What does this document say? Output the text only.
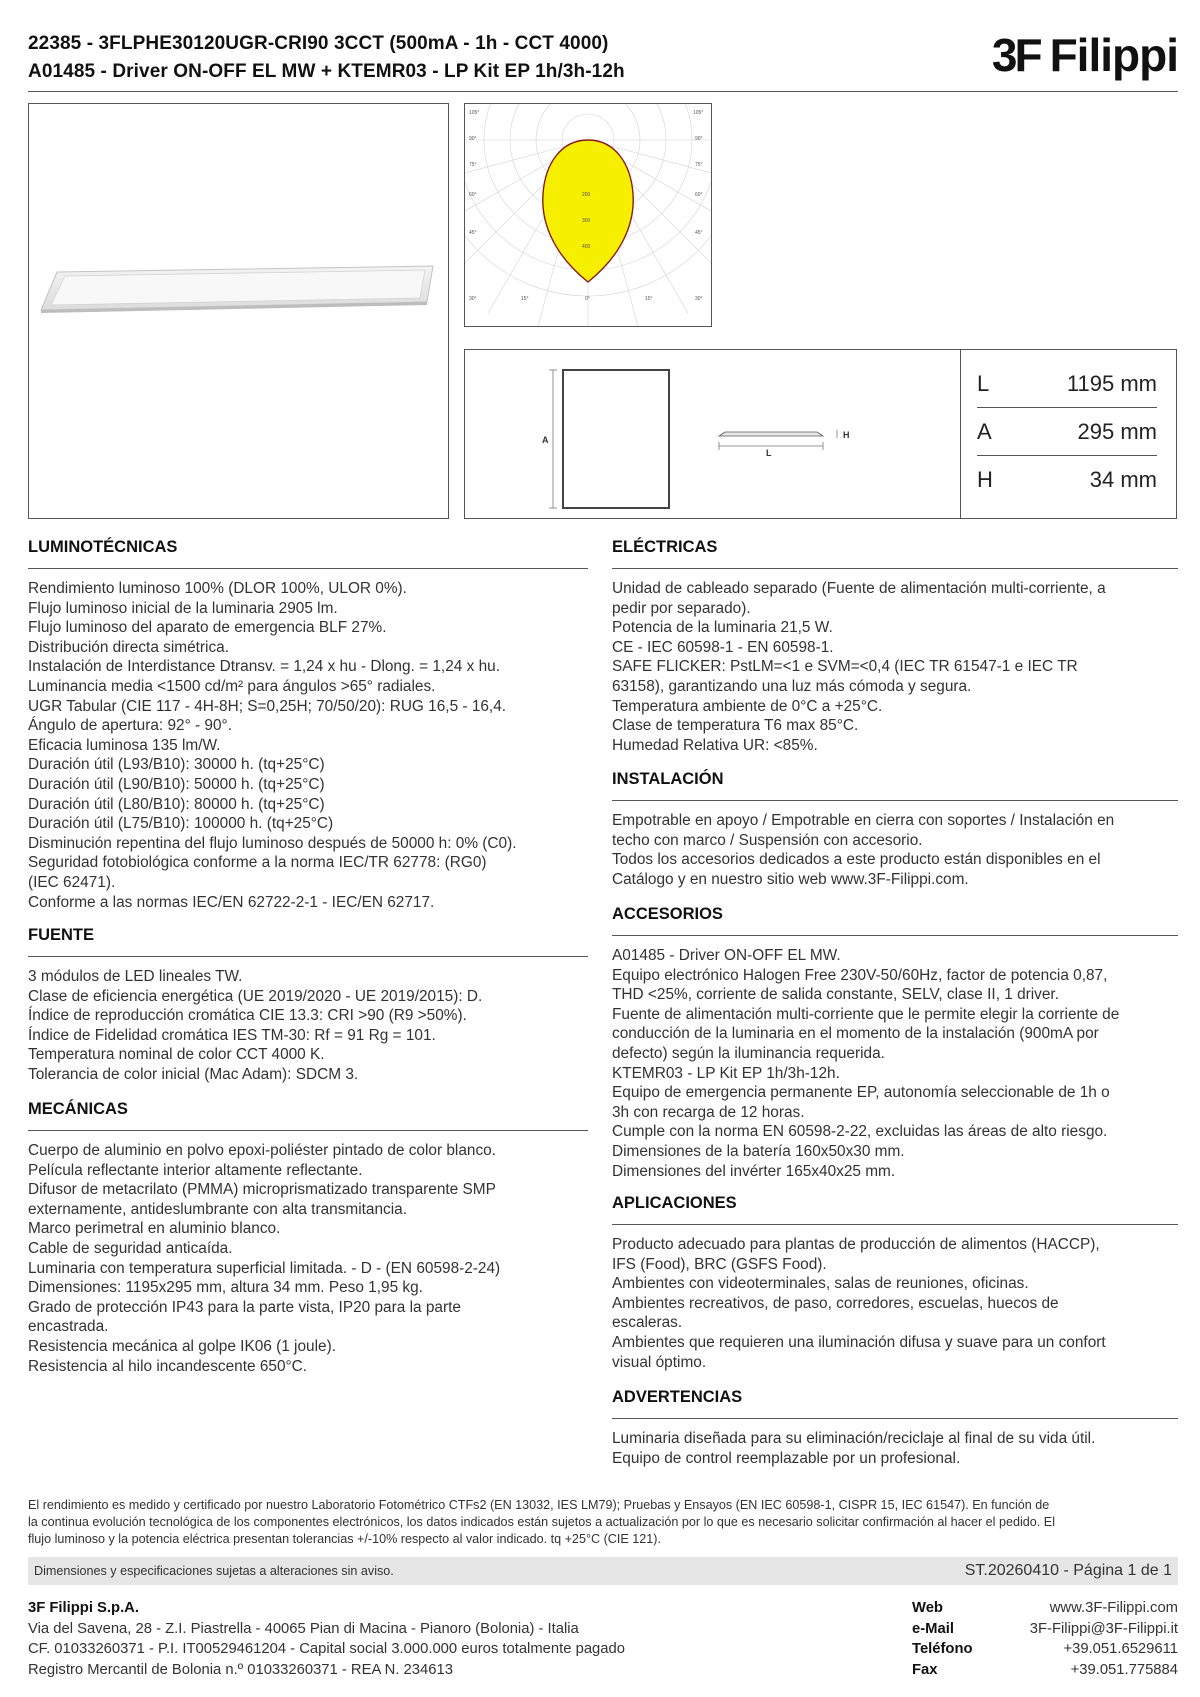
22385 - 3FLPHE30120UGR-CRI90 3CCT (500mA - 1h - CCT 4000)
A01485 - Driver ON-OFF EL MW + KTEMR03 - LP Kit EP 1h/3h-12h	3F Filippi
105°
90°
75°
60°
45°
105°
90°
75°
60°
45°
30°	15°	0°	15°	30°
200
300
400
A
L
H
L	1195 mm
A	295 mm
H	34 mm
LUMINOTÉCNICAS
Rendimiento luminoso 100% (DLOR 100%, ULOR 0%).
Flujo luminoso inicial de la luminaria 2905 lm.
Flujo luminoso del aparato de emergencia BLF 27%.
Distribución directa simétrica.
Instalación de Interdistance Dtransv. = 1,24 x hu - Dlong. = 1,24 x hu.
Luminancia media <1500 cd/m² para ángulos >65° radiales.
UGR Tabular (CIE 117 - 4H-8H; S=0,25H; 70/50/20): RUG 16,5 - 16,4.
Ángulo de apertura: 92° - 90°.
Eficacia luminosa 135 lm/W.
Duración útil (L93/B10): 30000 h. (tq+25°C)
Duración útil (L90/B10): 50000 h. (tq+25°C)
Duración útil (L80/B10): 80000 h. (tq+25°C)
Duración útil (L75/B10): 100000 h. (tq+25°C)
Disminución repentina del flujo luminoso después de 50000 h: 0% (C0).
Seguridad fotobiológica conforme a la norma IEC/TR 62778: (RG0)
(IEC 62471).
Conforme a las normas IEC/EN 62722-2-1 - IEC/EN 62717.
FUENTE
3 módulos de LED lineales TW.
Clase de eficiencia energética (UE 2019/2020 - UE 2019/2015): D.
Índice de reproducción cromática CIE 13.3: CRI >90 (R9 >50%).
Índice de Fidelidad cromática IES TM-30: Rf = 91 Rg = 101.
Temperatura nominal de color CCT 4000 K.
Tolerancia de color inicial (Mac Adam): SDCM 3.
MECÁNICAS
Cuerpo de aluminio en polvo epoxi-poliéster pintado de color blanco.
Película reflectante interior altamente reflectante.
Difusor de metacrilato (PMMA) microprismatizado transparente SMP
externamente, antideslumbrante con alta transmitancia.
Marco perimetral en aluminio blanco.
Cable de seguridad anticaída.
Luminaria con temperatura superficial limitada. - D - (EN 60598-2-24)
Dimensiones: 1195x295 mm, altura 34 mm. Peso 1,95 kg.
Grado de protección IP43 para la parte vista, IP20 para la parte
encastrada.
Resistencia mecánica al golpe IK06 (1 joule).
Resistencia al hilo incandescente 650°C.
ELÉCTRICAS
Unidad de cableado separado (Fuente de alimentación multi-corriente, a
pedir por separado).
Potencia de la luminaria 21,5 W.
CE - IEC 60598-1 - EN 60598-1.
SAFE FLICKER: PstLM=<1 e SVM=<0,4 (IEC TR 61547-1 e IEC TR
63158), garantizando una luz más cómoda y segura.
Temperatura ambiente de 0°C a +25°C.
Clase de temperatura T6 max 85°C.
Humedad Relativa UR: <85%.
INSTALACIÓN
Empotrable en apoyo / Empotrable en cierra con soportes / Instalación en
techo con marco / Suspensión con accesorio.
Todos los accesorios dedicados a este producto están disponibles en el
Catálogo y en nuestro sitio web www.3F-Filippi.com.
ACCESORIOS
A01485 - Driver ON-OFF EL MW.
Equipo electrónico Halogen Free 230V-50/60Hz, factor de potencia 0,87,
THD <25%, corriente de salida constante, SELV, clase II, 1 driver.
Fuente de alimentación multi-corriente que le permite elegir la corriente de
conducción de la luminaria en el momento de la instalación (900mA por
defecto) según la iluminancia requerida.
KTEMR03 - LP Kit EP 1h/3h-12h.
Equipo de emergencia permanente EP, autonomía seleccionable de 1h o
3h con recarga de 12 horas.
Cumple con la norma EN 60598-2-22, excluidas las áreas de alto riesgo.
Dimensiones de la batería 160x50x30 mm.
Dimensiones del invérter 165x40x25 mm.
APLICACIONES
Producto adecuado para plantas de producción de alimentos (HACCP),
IFS (Food), BRC (GSFS Food).
Ambientes con videoterminales, salas de reuniones, oficinas.
Ambientes recreativos, de paso, corredores, escuelas, huecos de
escaleras.
Ambientes que requieren una iluminación difusa y suave para un confort
visual óptimo.
ADVERTENCIAS
Luminaria diseñada para su eliminación/reciclaje al final de su vida útil.
Equipo de control reemplazable por un profesional.
El rendimiento es medido y certificado por nuestro Laboratorio Fotométrico CTFs2 (EN 13032, IES LM79); Pruebas y Ensayos (EN IEC 60598-1, CISPR 15, IEC 61547). En función de
la continua evolución tecnológica de los componentes electrónicos, los datos indicados están sujetos a actualización por lo que es necesario solicitar confirmación al hacer el pedido. El
flujo luminoso y la potencia eléctrica presentan tolerancias +/-10% respecto al valor indicado. tq +25°C (CIE 121).
Dimensiones y especificaciones sujetas a alteraciones sin aviso.	ST.20260410 - Página 1 de 1
3F Filippi S.p.A.
Via del Savena, 28 - Z.I. Piastrella - 40065 Pian di Macina - Pianoro (Bolonia) - Italia
CF. 01033260371 - P.I. IT00529461204 - Capital social 3.000.000 euros totalmente pagado
Registro Mercantil de Bolonia n.º 01033260371 - REA N. 234613
Web	www.3F-Filippi.com
e-Mail	3F-Filippi@3F-Filippi.it
Teléfono	+39.051.6529611
Fax	+39.051.775884
